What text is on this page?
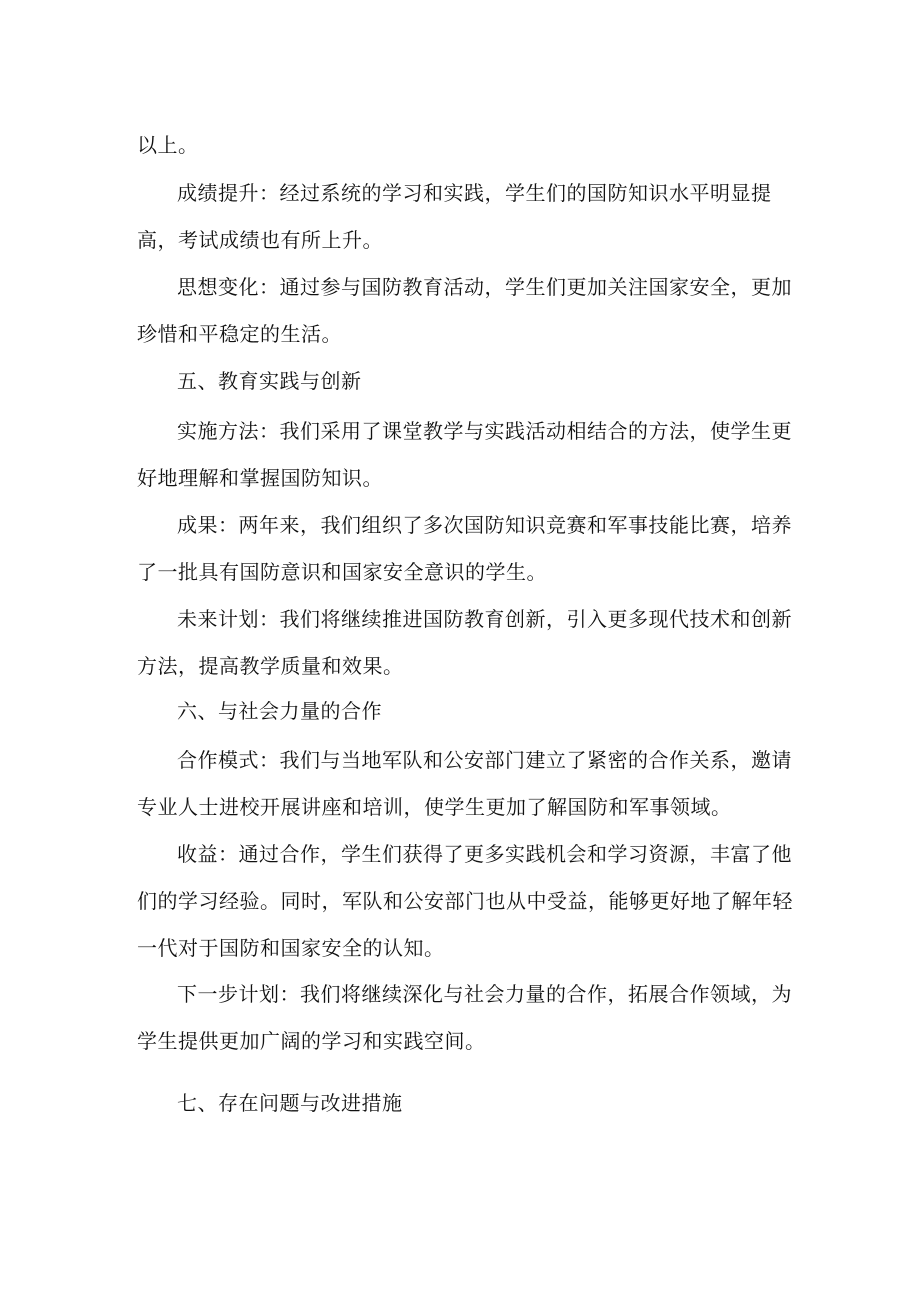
以上。

成绩提升：经过系统的学习和实践，学生们的国防知识水平明显提高，考试成绩也有所上升。

思想变化：通过参与国防教育活动，学生们更加关注国家安全，更加珍惜和平稳定的生活。

五、教育实践与创新

实施方法：我们采用了课堂教学与实践活动相结合的方法，使学生更好地理解和掌握国防知识。

成果：两年来，我们组织了多次国防知识竞赛和军事技能比赛，培养了一批具有国防意识和国家安全意识的学生。

未来计划：我们将继续推进国防教育创新，引入更多现代技术和创新方法，提高教学质量和效果。

六、与社会力量的合作

合作模式：我们与当地军队和公安部门建立了紧密的合作关系，邀请专业人士进校开展讲座和培训，使学生更加了解国防和军事领域。

收益：通过合作，学生们获得了更多实践机会和学习资源，丰富了他们的学习经验。同时，军队和公安部门也从中受益，能够更好地了解年轻一代对于国防和国家安全的认知。

下一步计划：我们将继续深化与社会力量的合作，拓展合作领域，为学生提供更加广阔的学习和实践空间。

七、存在问题与改进措施
